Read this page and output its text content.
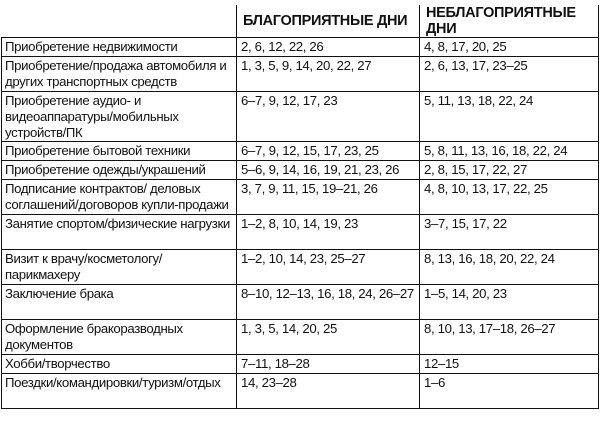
	БЛАГОПРИЯТНЫЕ ДНИ	НЕБЛАГОПРИЯТНЫЕ ДНИ
Приобретение недвижимости	2, 6, 12, 22, 26	4, 8, 17, 20, 25
Приобретение/продажа автомобиля и других транспортных средств	1, 3, 5, 9, 14, 20, 22, 27	2, 6, 13, 17, 23–25
Приобретение аудио- и видеоаппаратуры/мобильных устройств/ПК	6–7, 9, 12, 17, 23	5, 11, 13, 18, 22, 24
Приобретение бытовой техники	6–7, 9, 12, 15, 17, 23, 25	5, 8, 11, 13, 16, 18, 22, 24
Приобретение одежды/украшений	5–6, 9, 14, 16, 19, 21, 23, 26	2, 8, 15, 17, 22, 27
Подписание контрактов/ деловых соглашений/договоров купли-продажи	3, 7, 9, 11, 15, 19–21, 26	4, 8, 10, 13, 17, 22, 25
Занятие спортом/физические нагрузки	1–2, 8, 10, 14, 19, 23	3–7, 15, 17, 22
Визит к врачу/косметологу/ парикмахеру	1–2, 10, 14, 23, 25–27	8, 13, 16, 18, 20, 22, 24
Заключение брака	8–10, 12–13, 16, 18, 24, 26–27	1–5, 14, 20, 23
Оформление бракоразводных документов	1, 3, 5, 14, 20, 25	8, 10, 13, 17–18, 26–27
Хобби/творчество	7–11, 18–28	12–15
Поездки/командировки/туризм/отдых	14, 23–28	1–6
